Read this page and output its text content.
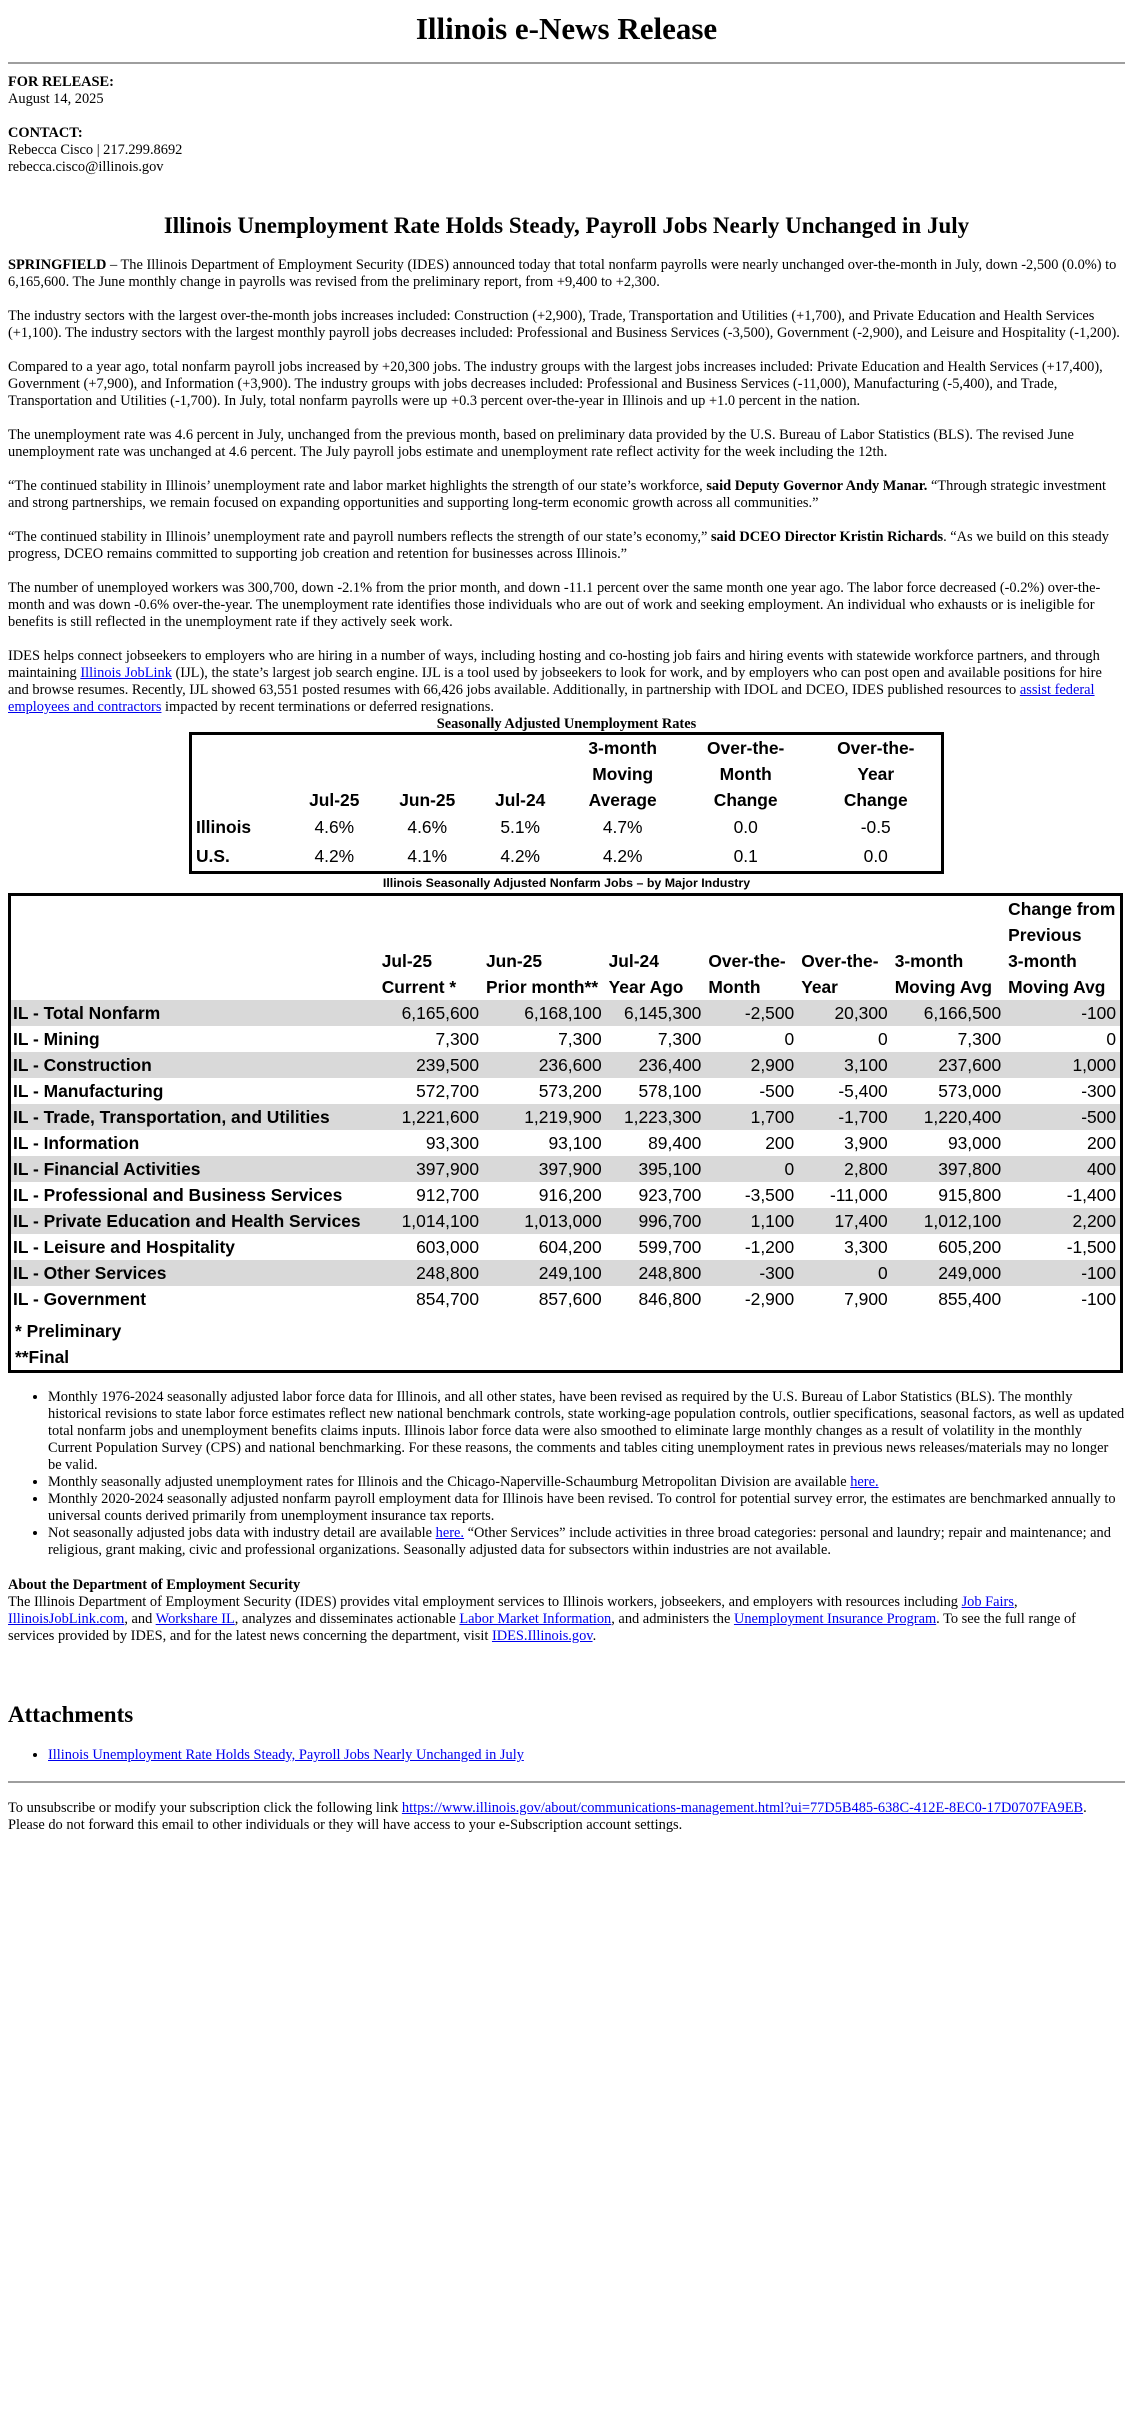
Illinois e-News Release

FOR RELEASE:

August 14, 2025

CONTACT:

Rebecca Cisco | 217.299.8692

rebecca.cisco@illinois.gov

Illinois Unemployment Rate Holds Steady, Payroll Jobs Nearly Unchanged in July

SPRINGFIELD – The Illinois Department of Employment Security (IDES) announced today that total nonfarm payrolls were nearly unchanged over-the-month in July, down -2,500 (0.0%) to 6,165,600. The June monthly change in payrolls was revised from the preliminary report, from +9,400 to +2,300.

The industry sectors with the largest over-the-month jobs increases included: Construction (+2,900), Trade, Transportation and Utilities (+1,700), and Private Education and Health Services (+1,100). The industry sectors with the largest monthly payroll jobs decreases included: Professional and Business Services (-3,500), Government (-2,900), and Leisure and Hospitality (-1,200).

Compared to a year ago, total nonfarm payroll jobs increased by +20,300 jobs. The industry groups with the largest jobs increases included: Private Education and Health Services (+17,400), Government (+7,900), and Information (+3,900). The industry groups with jobs decreases included: Professional and Business Services (-11,000), Manufacturing (-5,400), and Trade, Transportation and Utilities (-1,700). In July, total nonfarm payrolls were up +0.3 percent over-the-year in Illinois and up +1.0 percent in the nation.

The unemployment rate was 4.6 percent in July, unchanged from the previous month, based on preliminary data provided by the U.S. Bureau of Labor Statistics (BLS). The revised June unemployment rate was unchanged at 4.6 percent. The July payroll jobs estimate and unemployment rate reflect activity for the week including the 12th.

“The continued stability in Illinois’ unemployment rate and labor market highlights the strength of our state’s workforce, said Deputy Governor Andy Manar. “Through strategic investment and strong partnerships, we remain focused on expanding opportunities and supporting long-term economic growth across all communities.”

“The continued stability in Illinois’ unemployment rate and payroll numbers reflects the strength of our state’s economy,” said DCEO Director Kristin Richards. “As we build on this steady progress, DCEO remains committed to supporting job creation and retention for businesses across Illinois.”

The number of unemployed workers was 300,700, down -2.1% from the prior month, and down -11.1 percent over the same month one year ago. The labor force decreased (-0.2%) over-the-month and was down -0.6% over-the-year. The unemployment rate identifies those individuals who are out of work and seeking employment. An individual who exhausts or is ineligible for benefits is still reflected in the unemployment rate if they actively seek work.

IDES helps connect jobseekers to employers who are hiring in a number of ways, including hosting and co-hosting job fairs and hiring events with statewide workforce partners, and through maintaining Illinois JobLink (IJL), the state’s largest job search engine. IJL is a tool used by jobseekers to look for work, and by employers who can post open and available positions for hire and browse resumes. Recently, IJL showed 63,551 posted resumes with 66,426 jobs available. Additionally, in partnership with IDOL and DCEO, IDES published resources to assist federal employees and contractors impacted by recent terminations or deferred resignations.

Seasonally Adjusted Unemployment Rates
	Jul-25	Jun-25	Jul-24	3-month
Moving
Average	Over-the-
Month
Change	Over-the-
Year
Change
Illinois	4.6%	4.6%	5.1%	4.7%	0.0	-0.5
U.S.	4.2%	4.1%	4.2%	4.2%	0.1	0.0
Illinois Seasonally Adjusted Nonfarm Jobs – by Major Industry
	Jul-25
Current *	Jun-25
Prior month**	Jul-24
Year Ago	Over-the-
Month	Over-the-
Year	3-month
Moving Avg	Change from
Previous
3-month
Moving Avg
IL - Total Nonfarm	6,165,600	6,168,100	6,145,300	-2,500	20,300	6,166,500	-100
IL - Mining	7,300	7,300	7,300	0	0	7,300	0
IL - Construction	239,500	236,600	236,400	2,900	3,100	237,600	1,000
IL - Manufacturing	572,700	573,200	578,100	-500	-5,400	573,000	-300
IL - Trade, Transportation, and Utilities	1,221,600	1,219,900	1,223,300	1,700	-1,700	1,220,400	-500
IL - Information	93,300	93,100	89,400	200	3,900	93,000	200
IL - Financial Activities	397,900	397,900	395,100	0	2,800	397,800	400
IL - Professional and Business Services	912,700	916,200	923,700	-3,500	-11,000	915,800	-1,400
IL - Private Education and Health Services	1,014,100	1,013,000	996,700	1,100	17,400	1,012,100	2,200
IL - Leisure and Hospitality	603,000	604,200	599,700	-1,200	3,300	605,200	-1,500
IL - Other Services	248,800	249,100	248,800	-300	0	249,000	-100
IL - Government	854,700	857,600	846,800	-2,900	7,900	855,400	-100

* Preliminary							
**Final							
• Monthly 1976-2024 seasonally adjusted labor force data for Illinois, and all other states, have been revised as required by the U.S. Bureau of Labor Statistics (BLS). The monthly historical revisions to state labor force estimates reflect new national benchmark controls, state working-age population controls, outlier specifications, seasonal factors, as well as updated total nonfarm jobs and unemployment benefits claims inputs. Illinois labor force data were also smoothed to eliminate large monthly changes as a result of volatility in the monthly Current Population Survey (CPS) and national benchmarking. For these reasons, the comments and tables citing unemployment rates in previous news releases/materials may no longer be valid.
• Monthly seasonally adjusted unemployment rates for Illinois and the Chicago-Naperville-Schaumburg Metropolitan Division are available here.
• Monthly 2020-2024 seasonally adjusted nonfarm payroll employment data for Illinois have been revised. To control for potential survey error, the estimates are benchmarked annually to universal counts derived primarily from unemployment insurance tax reports.
• Not seasonally adjusted jobs data with industry detail are available here. “Other Services” include activities in three broad categories: personal and laundry; repair and maintenance; and religious, grant making, civic and professional organizations. Seasonally adjusted data for subsectors within industries are not available.
About the Department of Employment Security

The Illinois Department of Employment Security (IDES) provides vital employment services to Illinois workers, jobseekers, and employers with resources including Job Fairs, IllinoisJobLink.com, and Workshare IL, analyzes and disseminates actionable Labor Market Information, and administers the Unemployment Insurance Program. To see the full range of services provided by IDES, and for the latest news concerning the department, visit IDES.Illinois.gov.

Attachments
• Illinois Unemployment Rate Holds Steady, Payroll Jobs Nearly Unchanged in July

To unsubscribe or modify your subscription click the following link https://www.illinois.gov/about/communications-management.html?ui=77D5B485-638C-412E-8EC0-17D0707FA9EB. Please do not forward this email to other individuals or they will have access to your e-Subscription account settings.
